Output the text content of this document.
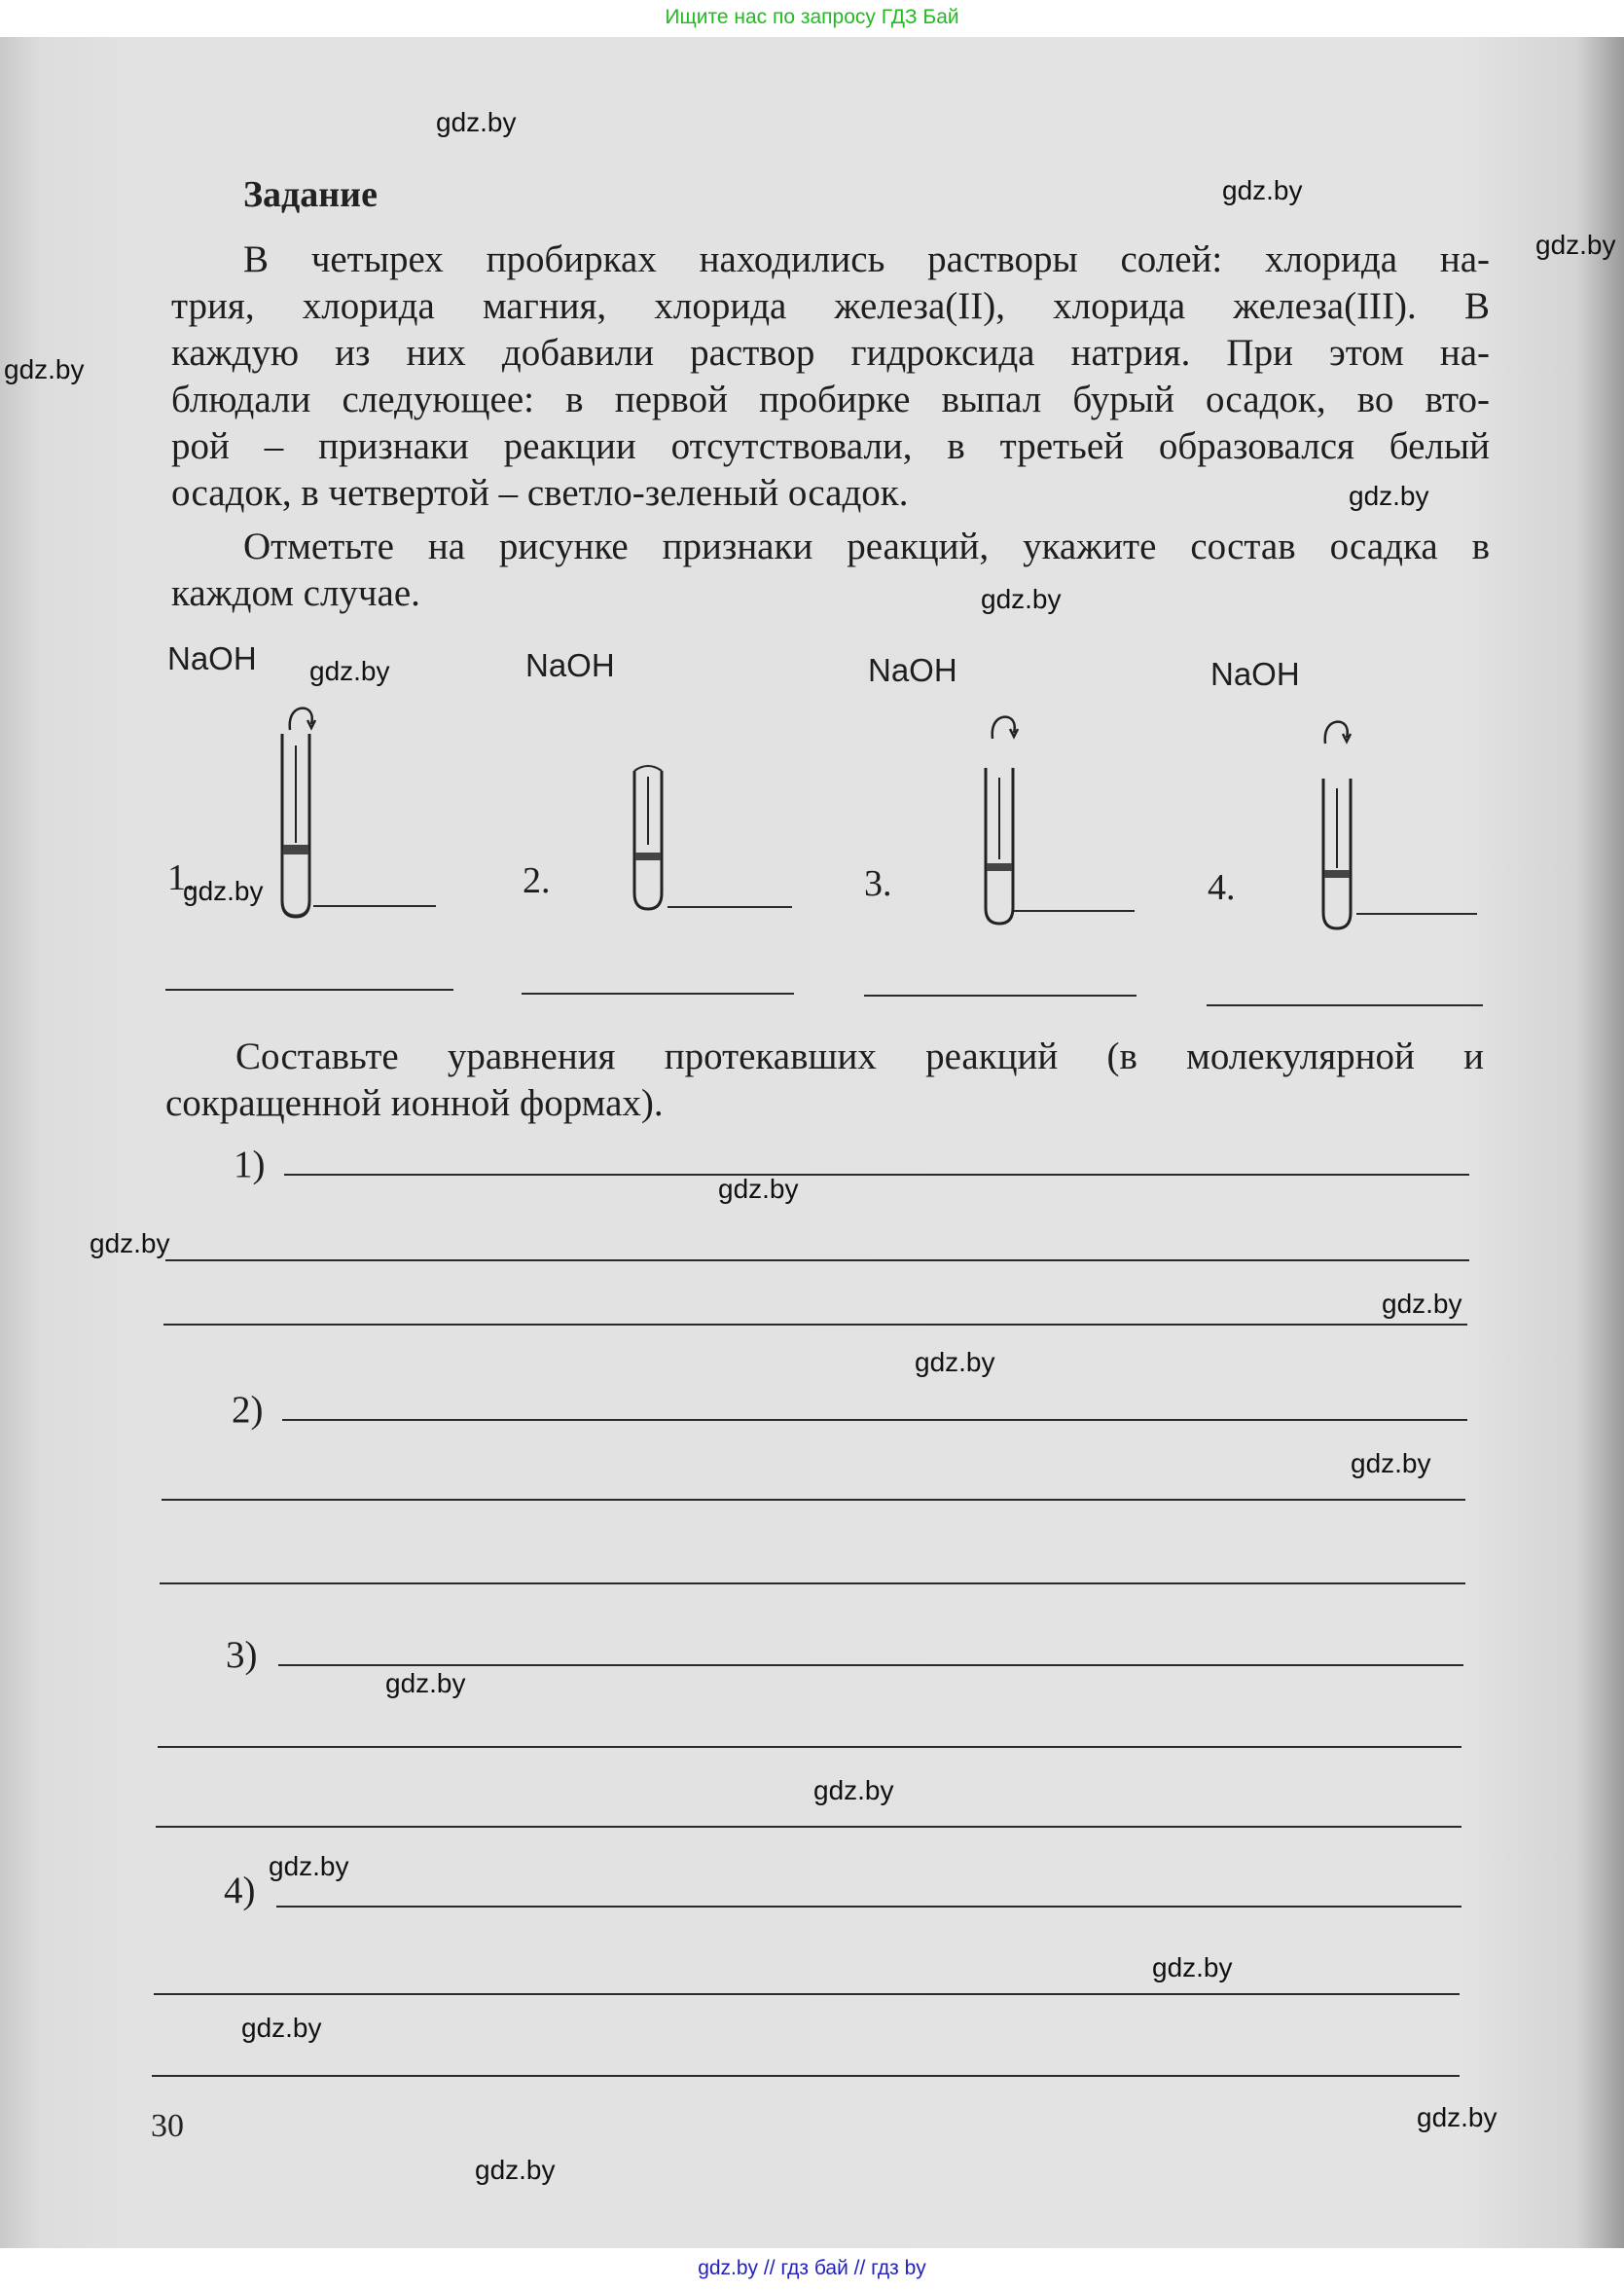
Ищите нас по запросу ГДЗ Бай

Задание
В четырех пробирках находились растворы солей: хлорида на-
трия, хлорида магния, хлорида железа(II), хлорида железа(III). В
каждую из них добавили раствор гидроксида натрия. При этом на-
блюдали следующее: в первой пробирке выпал бурый осадок, во вто-
рой – признаки реакции отсутствовали, в третьей образовался белый
осадок, в четвертой – светло-зеленый осадок.
Отметьте на рисунке признаки реакций, укажите состав осадка в
каждом случае.
NaOH
1.
NaOH
2.
NaOH
3.
NaOH
4.
Составьте уравнения протекавших реакций (в молекулярной и
сокращенной ионной формах).
1)
2)
3)
4)
30
gdz.by
gdz.by
gdz.by
gdz.by
gdz.by
gdz.by
gdz.by
gdz.by
gdz.by
gdz.by
gdz.by
gdz.by
gdz.by
gdz.by
gdz.by
gdz.by
gdz.by
gdz.by
gdz.by
gdz.by
gdz.by // гдз бай // гдз by
